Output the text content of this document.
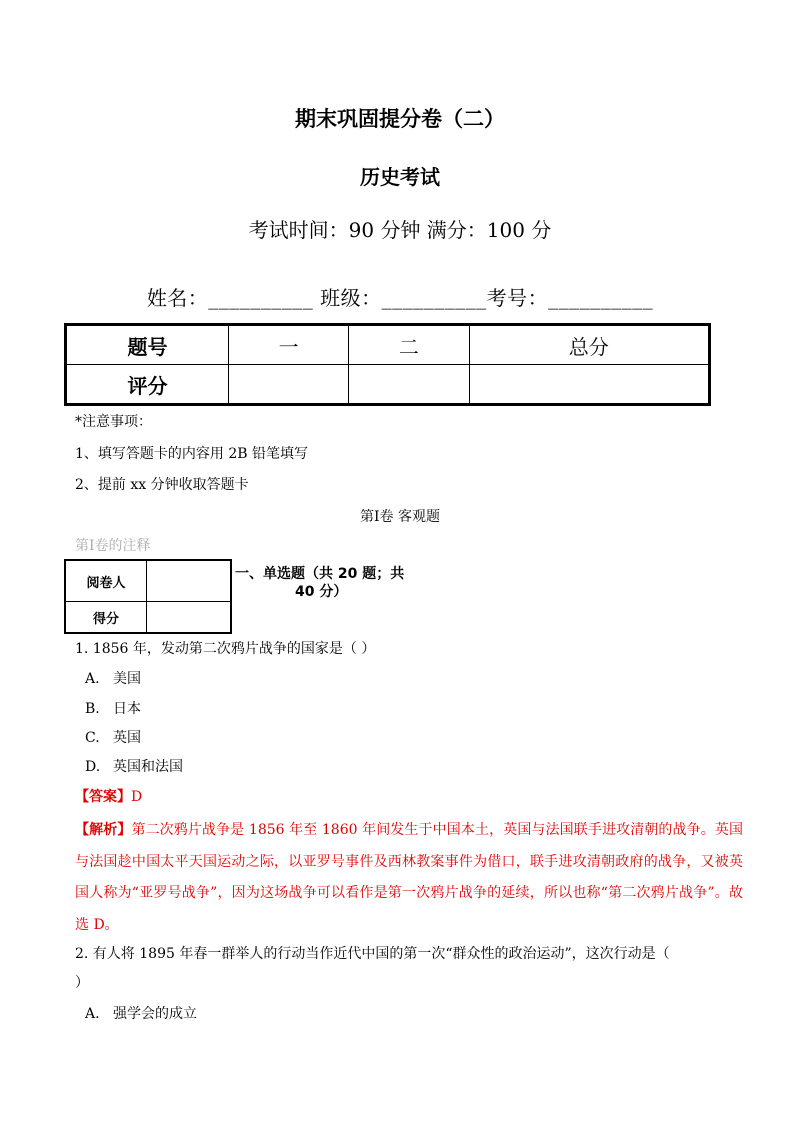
期末巩固提分卷（二）
历史考试
考试时间：90 分钟 满分：100 分
姓名：__________ 班级：__________考号：__________
题号	一	二	总分
评分			
*注意事项：
1、填写答题卡的内容用 2B 铅笔填写
2、提前 xx 分钟收取答题卡
第Ⅰ卷 客观题
第Ⅰ卷的注释
阅卷人	
得分	
一、单选题（共 20 题；共
40 分）
1. 1856 年，发动第二次鸦片战争的国家是（ ）
A. 美国
B. 日本
C. 英国
D. 英国和法国
【答案】D
【解析】第二次鸦片战争是 1856 年至 1860 年间发生于中国本土，英国与法国联手进攻清朝的战争。英国与法国趁中国太平天国运动之际，以亚罗号事件及西林教案事件为借口，联手进攻清朝政府的战争，又被英国人称为“亚罗号战争”，因为这场战争可以看作是第一次鸦片战争的延续，所以也称“第二次鸦片战争”。故选 D。
2. 有人将 1895 年春一群举人的行动当作近代中国的第一次“群众性的政治运动”，这次行动是（
）
A. 强学会的成立
